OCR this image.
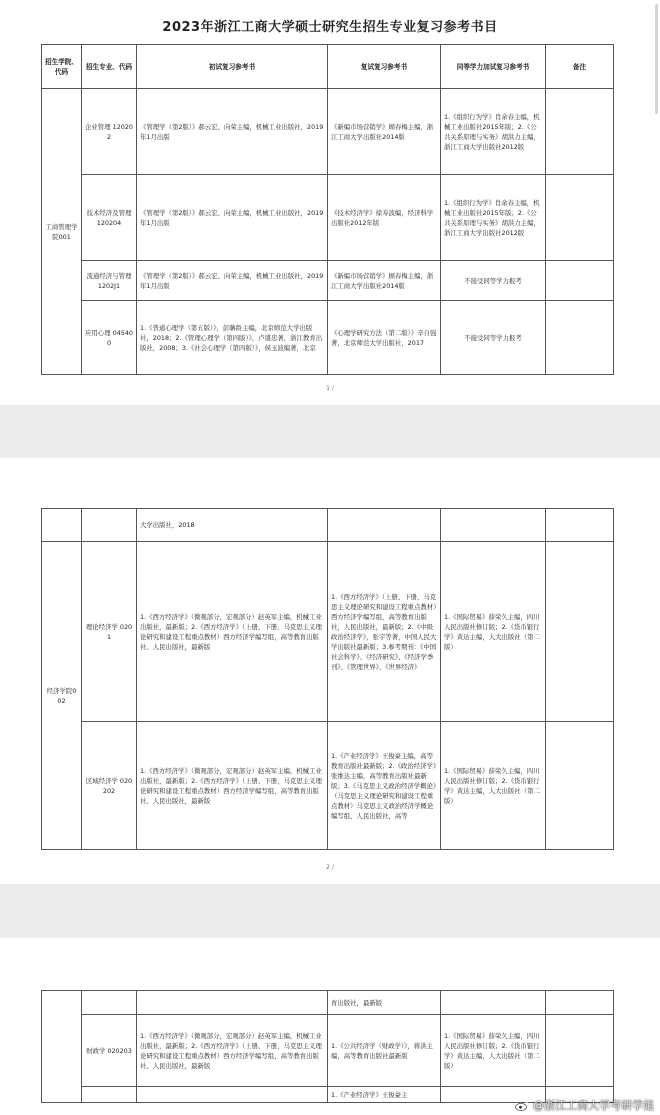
2023年浙江工商大学硕士研究生招生专业复习参考书目
招生学院、代码	招生专业、代码	初试复习参考书	复试复习参考书	同等学力加试复习参考书	备注
工商管理学院001	企业管理 120202	《管理学（第2版）》郝云宏、向荣主编，机械工业出版社，2019年1月出版	《新编市场营销学》顾春梅主编，浙江工商大学出版社2014版	1.《组织行为学》肖余春主编，机械工业出版社2015年版；2.《公共关系原理与实务》胡洪力主编，浙江工商大学出版社2012版	
	技术经济及管理 120204	《管理学（第2版）》郝云宏、向荣主编，机械工业出版社，2019年1月出版	《技术经济学》徐寿波编，经济科学出版社2012年版	1.《组织行为学》肖余春主编，机械工业出版社2015年版；2.《公共关系原理与实务》胡洪力主编，浙江工商大学出版社2012版	
	流通经济与管理 1202J1	《管理学（第2版）》郝云宏、向荣主编，机械工业出版社，2019年1月出版	《新编市场营销学》顾春梅主编，浙江工商大学出版社2014版	不接受同等学力报考	
	应用心理 045400	1.《普通心理学（第五版）》，彭聃龄主编，北京师范大学出版社，2018；2.《管理心理学（第四版）》，卢盛忠著，浙江教育出版社，2008；3.《社会心理学（第四版）》，侯玉波编著，北京	《心理学研究方法（第二版）》辛自强著，北京师范大学出版社，2017	不接受同等学力报考	
1 /
		大学出版社，2018			
经济学院002	理论经济学 0201	1.《西方经济学》（微观部分，宏观部分）赵英军主编，机械工业出版社，最新版；2.《西方经济学》（上册、下册，马克思主义理论研究和建设工程重点教材）西方经济学编写组，高等教育出版社、人民出版社，最新版	1.《西方经济学》（上册、下册，马克思主义理论研究和建设工程重点教材）西方经济学编写组，高等教育出版社，人民出版社，最新版；2.《中级政治经济学》，张宇等著，中国人民大学出版社最新版；3.参考期刊：《中国社会科学》、《经济研究》、《经济学季刊》、《管理世界》、《世界经济》	1.《国际贸易》薛荣久主编，四川人民出版社修订版；2.《货币银行学》黄达主编，人大出版社（第二版）	
	区域经济学 020202	1.《西方经济学》（微观部分，宏观部分）赵英军主编，机械工业出版社，最新版；2.《西方经济学》（上册、下册，马克思主义理论研究和建设工程重点教材）西方经济学编写组，高等教育出版社、人民出版社，最新版	1.《产业经济学》王俊豪主编，高等教育出版社最新版；2.《政治经济学》张维达主编，高等教育出版社最新版；3.《马克思主义政治经济学概论》（马克思主义理论研究和建设工程重点教材）马克思主义政治经济学概论编写组，人民出版社，高等	1.《国际贸易》薛荣久主编，四川人民出版社修订版；2.《货币银行学》黄达主编，人大出版社（第二版）	
2 /
			育出版社，最新版		
	财政学 020203	1.《西方经济学》（微观部分，宏观部分）赵英军主编，机械工业出版社，最新版；2.《西方经济学》（上册、下册，马克思主义理论研究和建设工程重点教材）西方经济学编写组，高等教育出版社、人民出版社，最新版	1.《公共经济学（财政学）》，蒋洪主编，高等教育出版社最新版	1.《国际贸易》薛荣久主编，四川人民出版社修订版；2.《货币银行学》黄达主编，人大出版社（第二版）	
			1.《产业经济学》王俊豪主		
@浙江工商大学考研学姐
